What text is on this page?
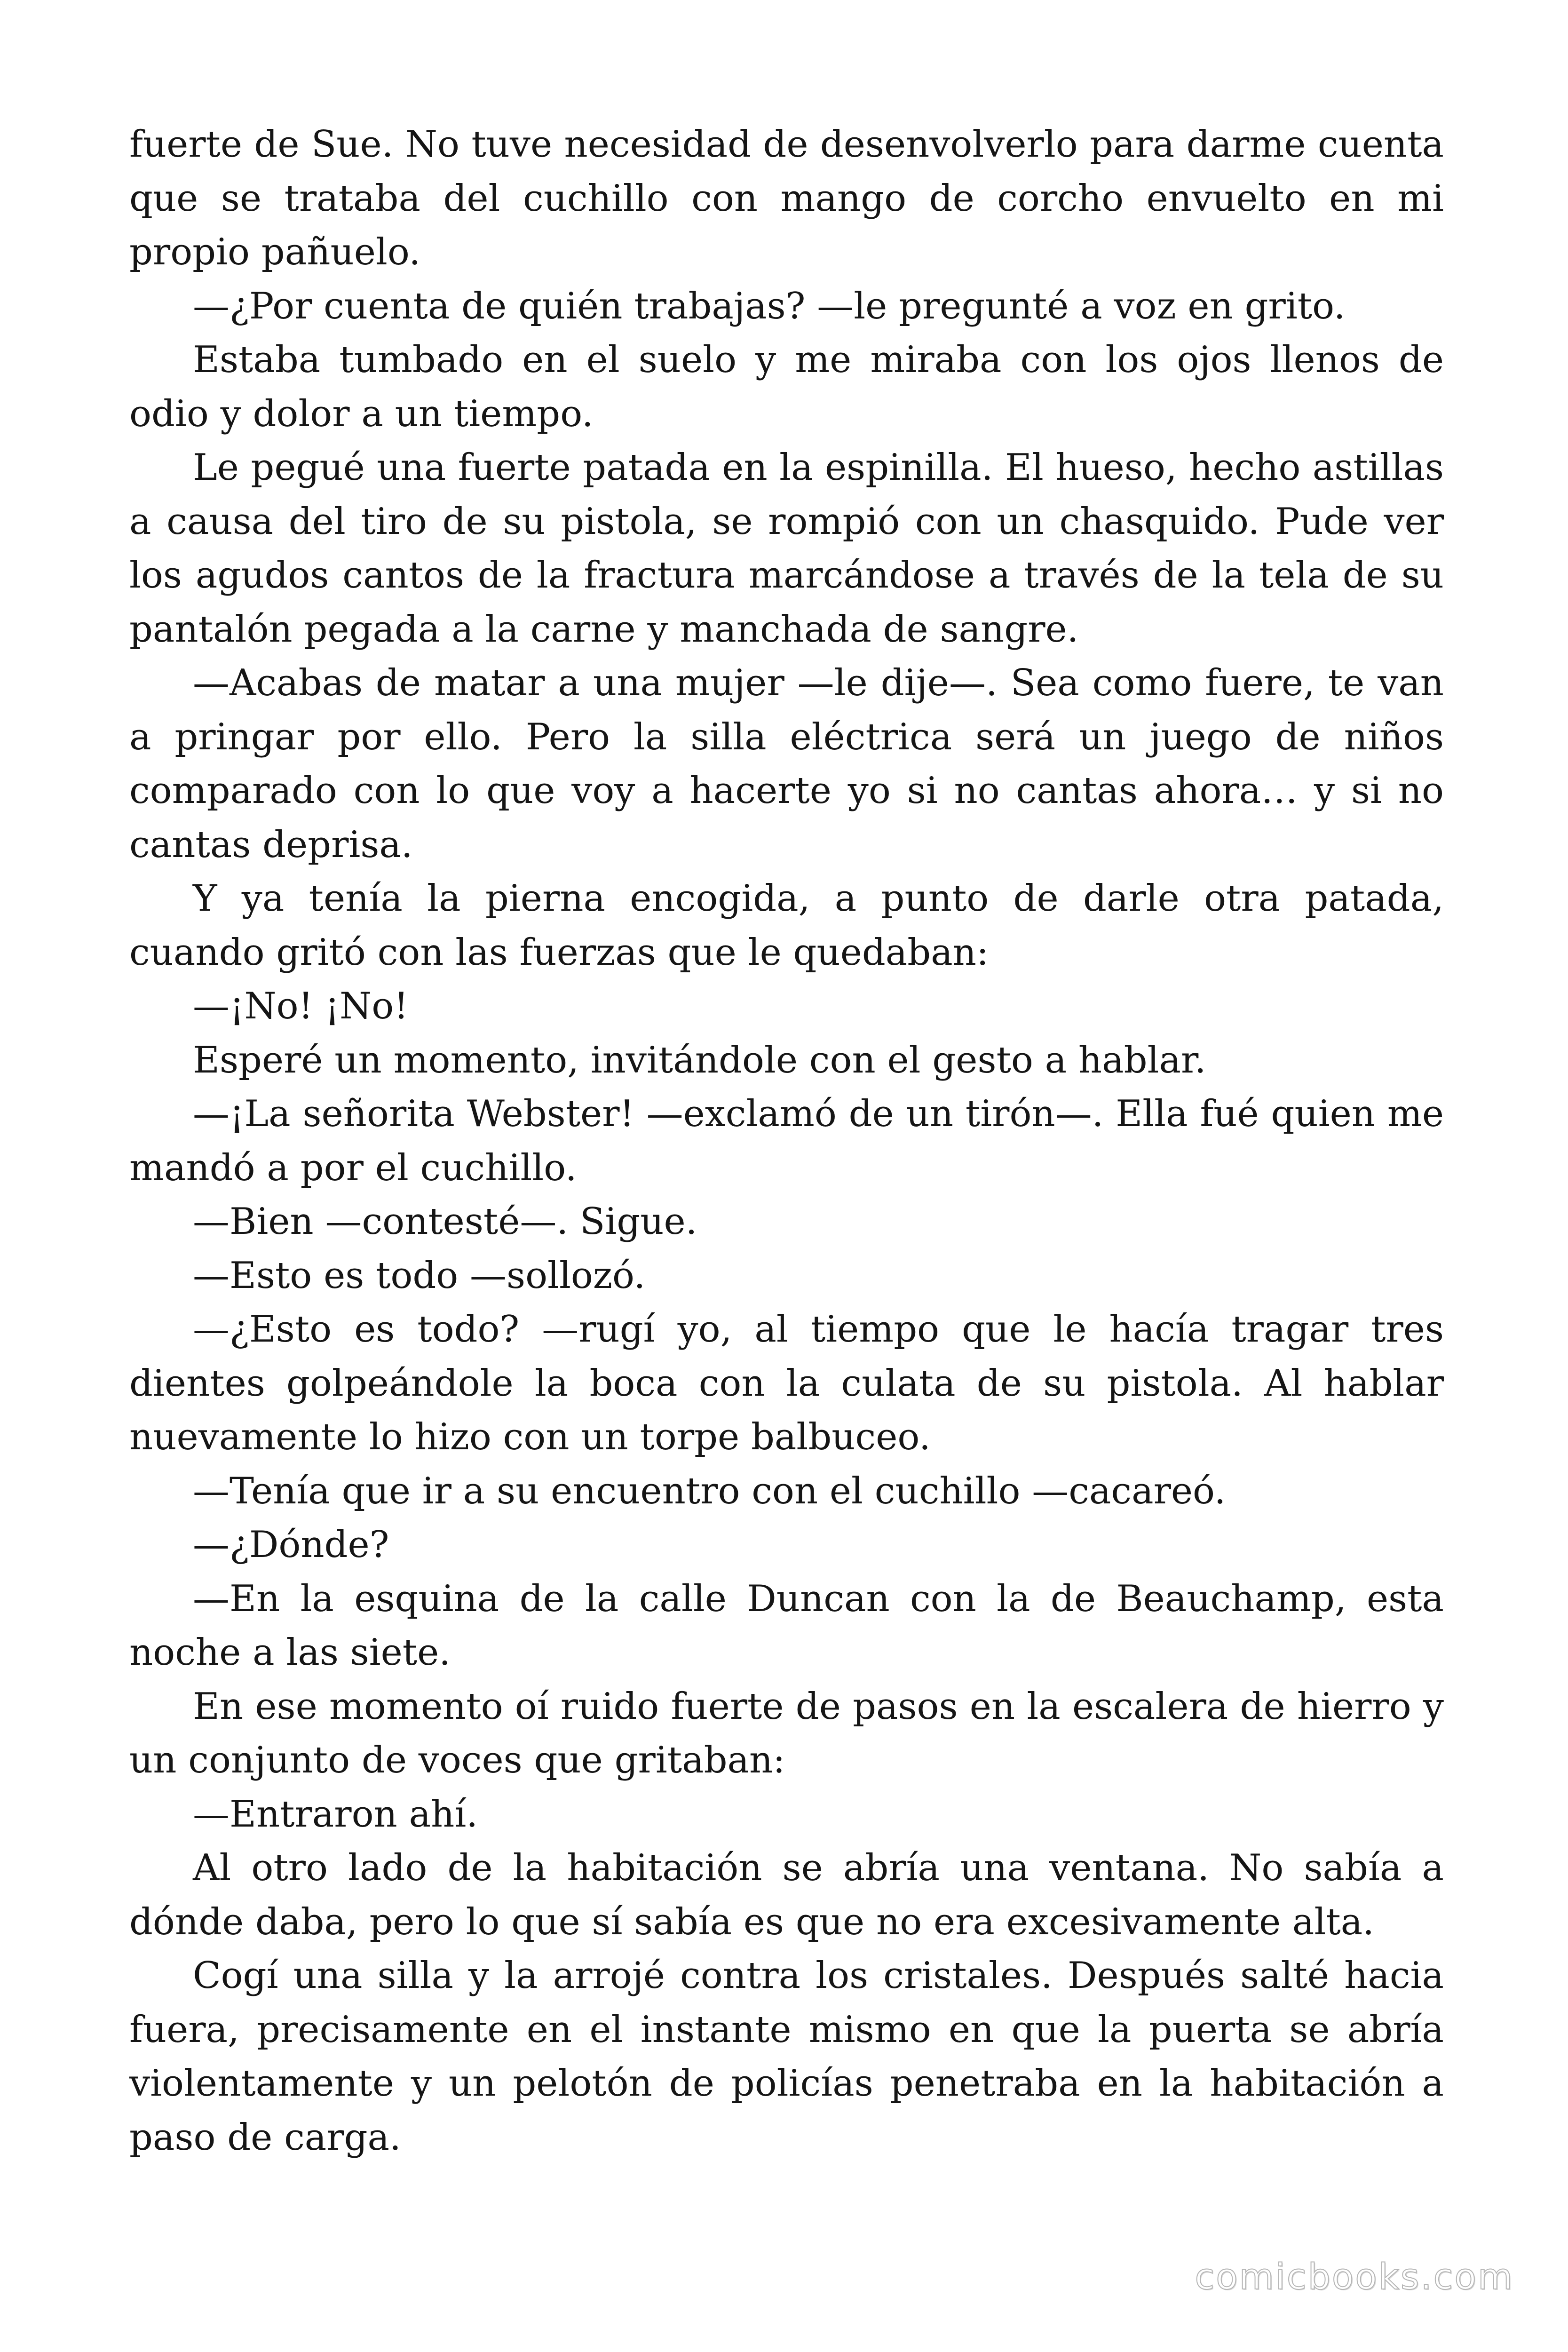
fuerte de Sue. No tuve necesidad de desenvolverlo para darme cuenta que se trataba del cuchillo con mango de corcho envuelto en mi propio pañuelo.

—¿Por cuenta de quién trabajas? —le pregunté a voz en grito.

Estaba tumbado en el suelo y me miraba con los ojos llenos de odio y dolor a un tiempo.

Le pegué una fuerte patada en la espinilla. El hueso, hecho astillas a causa del tiro de su pistola, se rompió con un chasquido. Pude ver los agudos cantos de la fractura marcándose a través de la tela de su pantalón pegada a la carne y manchada de sangre.

—Acabas de matar a una mujer —le dije—. Sea como fuere, te van a pringar por ello. Pero la silla eléctrica será un juego de niños comparado con lo que voy a hacerte yo si no cantas ahora… y si no cantas deprisa.

Y ya tenía la pierna encogida, a punto de darle otra patada, cuando gritó con las fuerzas que le quedaban:

—¡No! ¡No!

Esperé un momento, invitándole con el gesto a hablar.

—¡La señorita Webster! —exclamó de un tirón—. Ella fué quien me mandó a por el cuchillo.

—Bien —contesté—. Sigue.

—Esto es todo —sollozó.

—¿Esto es todo? —rugí yo, al tiempo que le hacía tragar tres dientes golpeándole la boca con la culata de su pistola. Al hablar nuevamente lo hizo con un torpe balbuceo.

—Tenía que ir a su encuentro con el cuchillo —cacareó.

—¿Dónde?

—En la esquina de la calle Duncan con la de Beauchamp, esta noche a las siete.

En ese momento oí ruido fuerte de pasos en la escalera de hierro y un conjunto de voces que gritaban:

—Entraron ahí.

Al otro lado de la habitación se abría una ventana. No sabía a dónde daba, pero lo que sí sabía es que no era excesivamente alta.

Cogí una silla y la arrojé contra los cristales. Después salté hacia fuera, precisamente en el instante mismo en que la puerta se abría violentamente y un pelotón de policías penetraba en la habitación a paso de carga.

comicbooks.com
